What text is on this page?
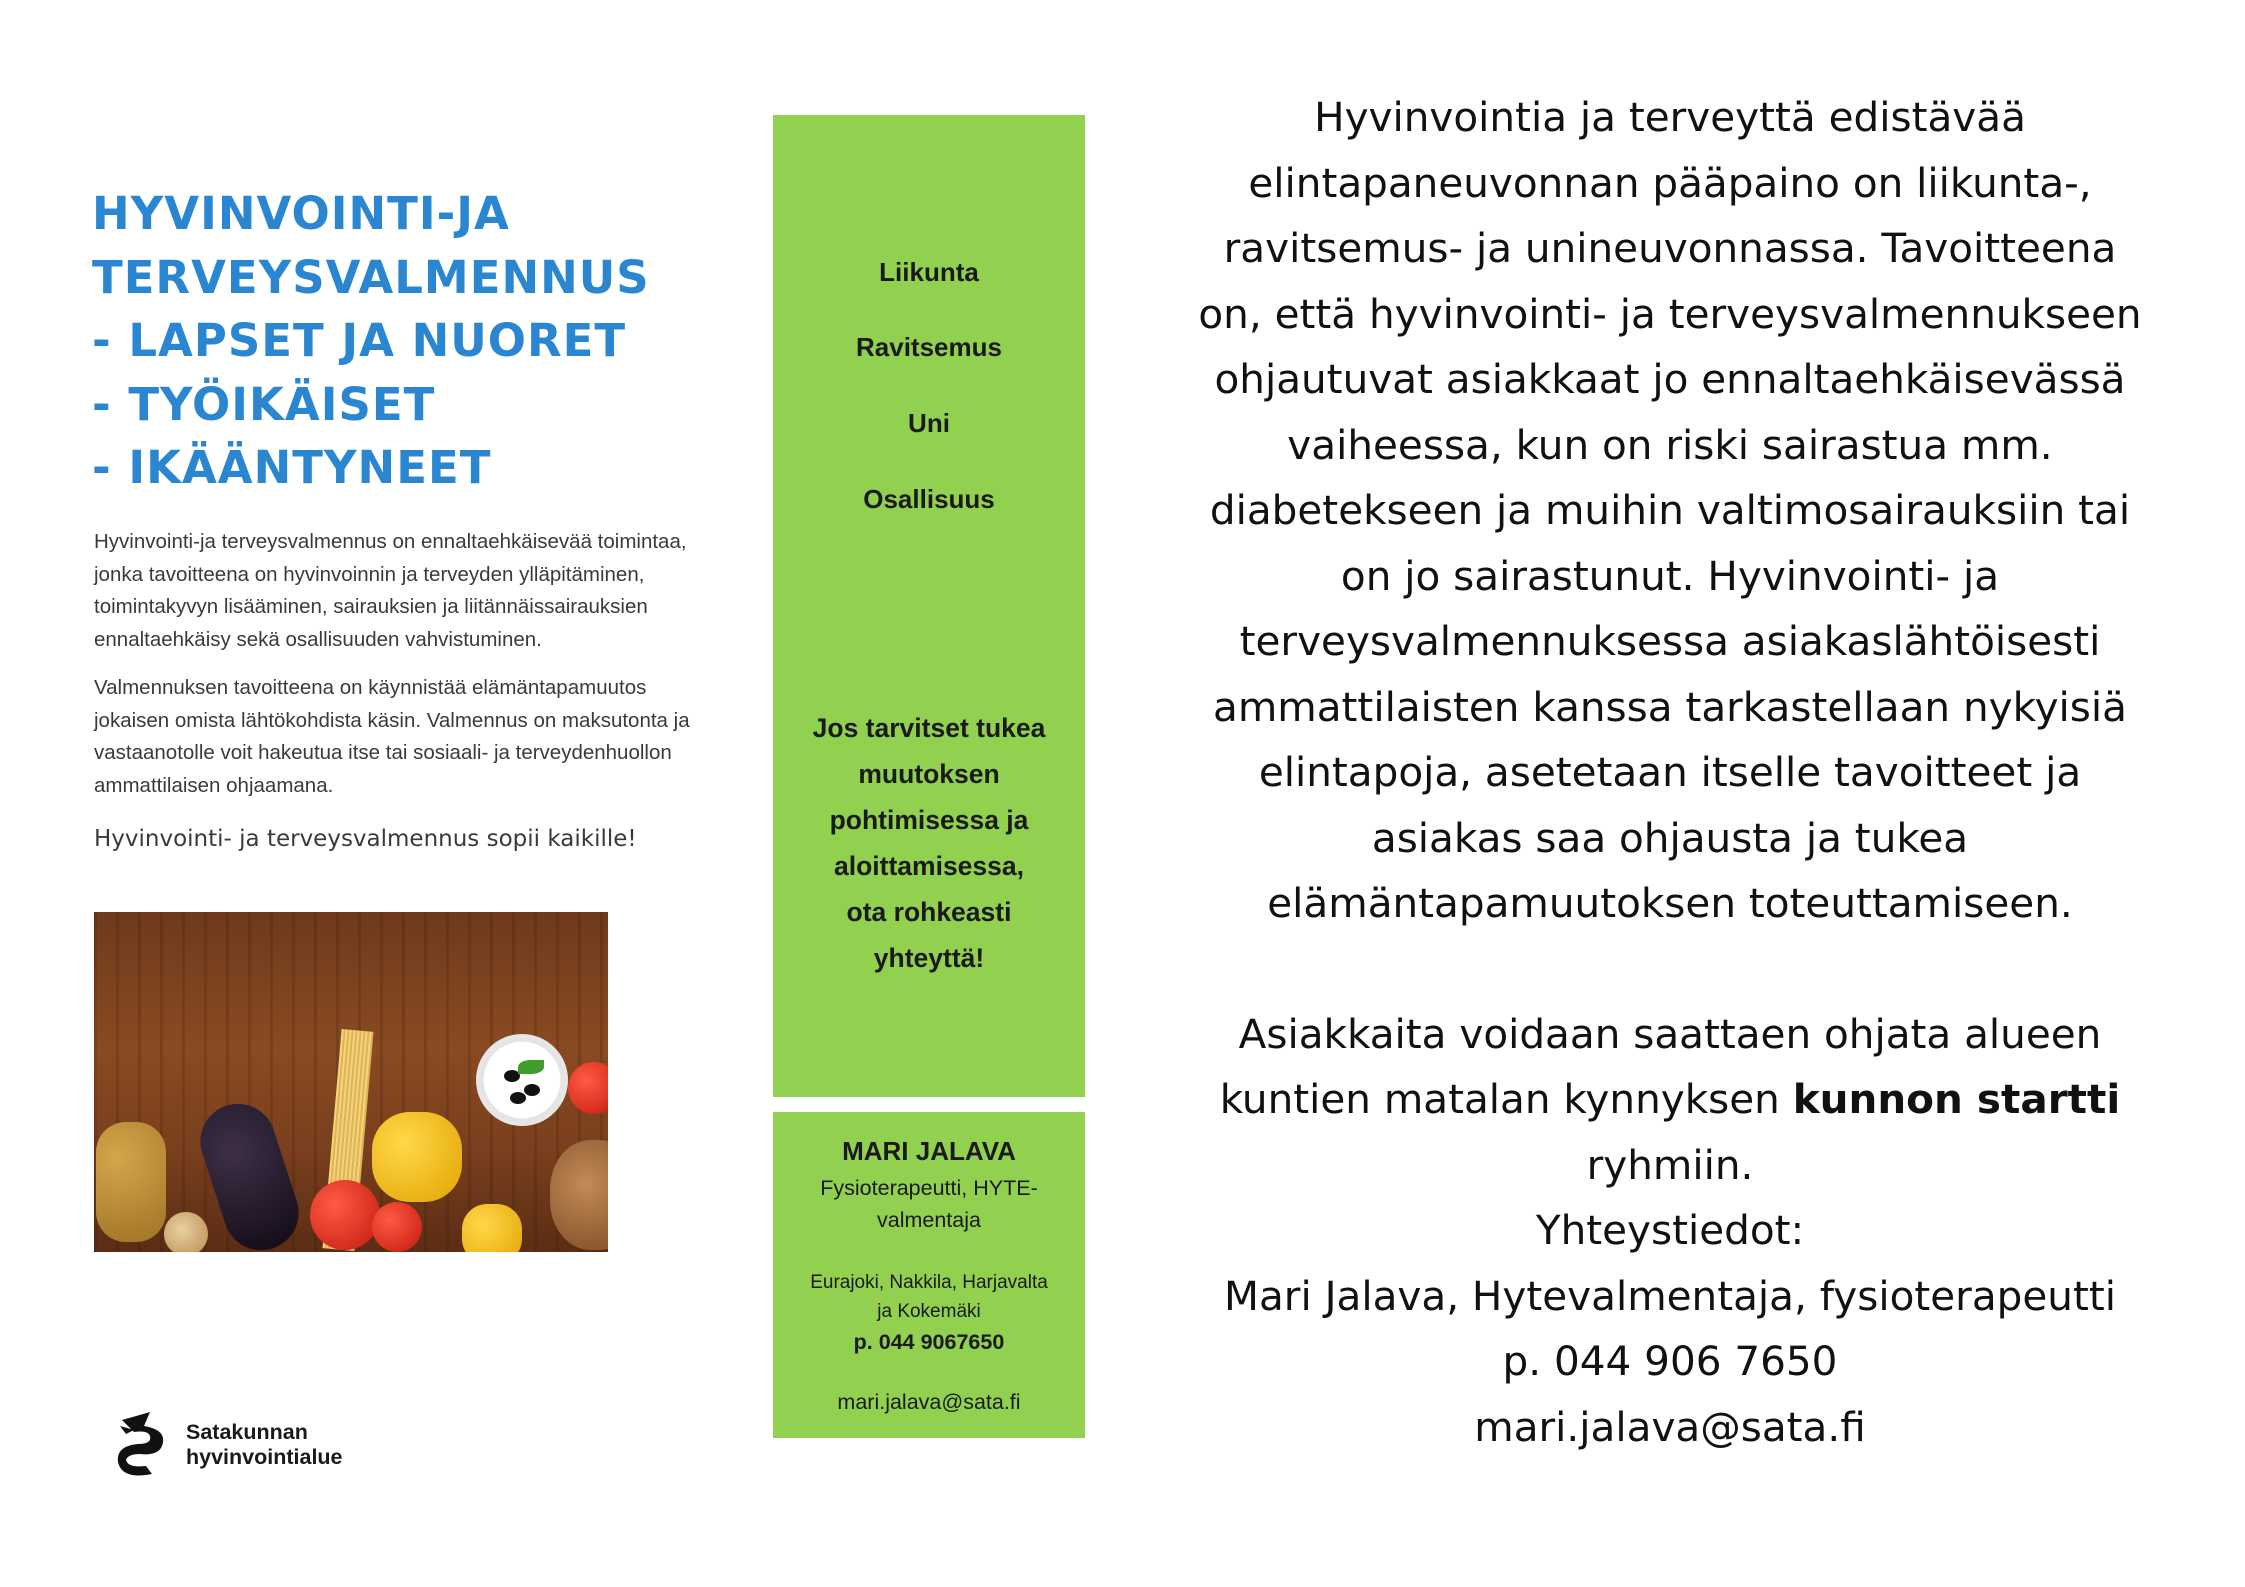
HYVINVOINTI-JA
TERVEYSVALMENNUS
- LAPSET JA NUORET
- TYÖIKÄISET
- IKÄÄNTYNEET
Hyvinvointi-ja terveysvalmennus on ennaltaehkäisevää toimintaa,
jonka tavoitteena on hyvinvoinnin ja terveyden ylläpitäminen,
toimintakyvyn lisääminen, sairauksien ja liitännäissairauksien
ennaltaehkäisy sekä osallisuuden vahvistuminen.
Valmennuksen tavoitteena on käynnistää elämäntapamuutos
jokaisen omista lähtökohdista käsin. Valmennus on maksutonta ja
vastaanotolle voit hakeutua itse tai sosiaali- ja terveydenhuollon
ammattilaisen ohjaamana.
Hyvinvointi- ja terveysvalmennus sopii kaikille!
Satakunnan
hyvinvointialue
Liikunta
Ravitsemus
Uni
Osallisuus
Jos tarvitset tukea
muutoksen
pohtimisessa ja
aloittamisessa,
ota rohkeasti
yhteyttä!
MARI JALAVA
Fysioterapeutti, HYTE-
valmentaja
Eurajoki, Nakkila, Harjavalta
ja Kokemäki
p. 044 9067650
mari.jalava@sata.fi

Hyvinvointia ja terveyttä edistävää

elintapaneuvonnan pääpaino on liikunta-,

ravitsemus- ja unineuvonnassa. Tavoitteena

on, että hyvinvointi- ja terveysvalmennukseen

ohjautuvat asiakkaat jo ennaltaehkäisevässä

vaiheessa, kun on riski sairastua mm.

diabetekseen ja muihin valtimosairauksiin tai

on jo sairastunut. Hyvinvointi- ja

terveysvalmennuksessa asiakaslähtöisesti

ammattilaisten kanssa tarkastellaan nykyisiä

elintapoja, asetetaan itselle tavoitteet ja

asiakas saa ohjausta ja tukea

elämäntapamuutoksen toteuttamiseen.

Asiakkaita voidaan saattaen ohjata alueen

kuntien matalan kynnyksen kunnon startti

ryhmiin.

Yhteystiedot:

Mari Jalava, Hytevalmentaja, fysioterapeutti

p. 044 906 7650

mari.jalava@sata.fi
